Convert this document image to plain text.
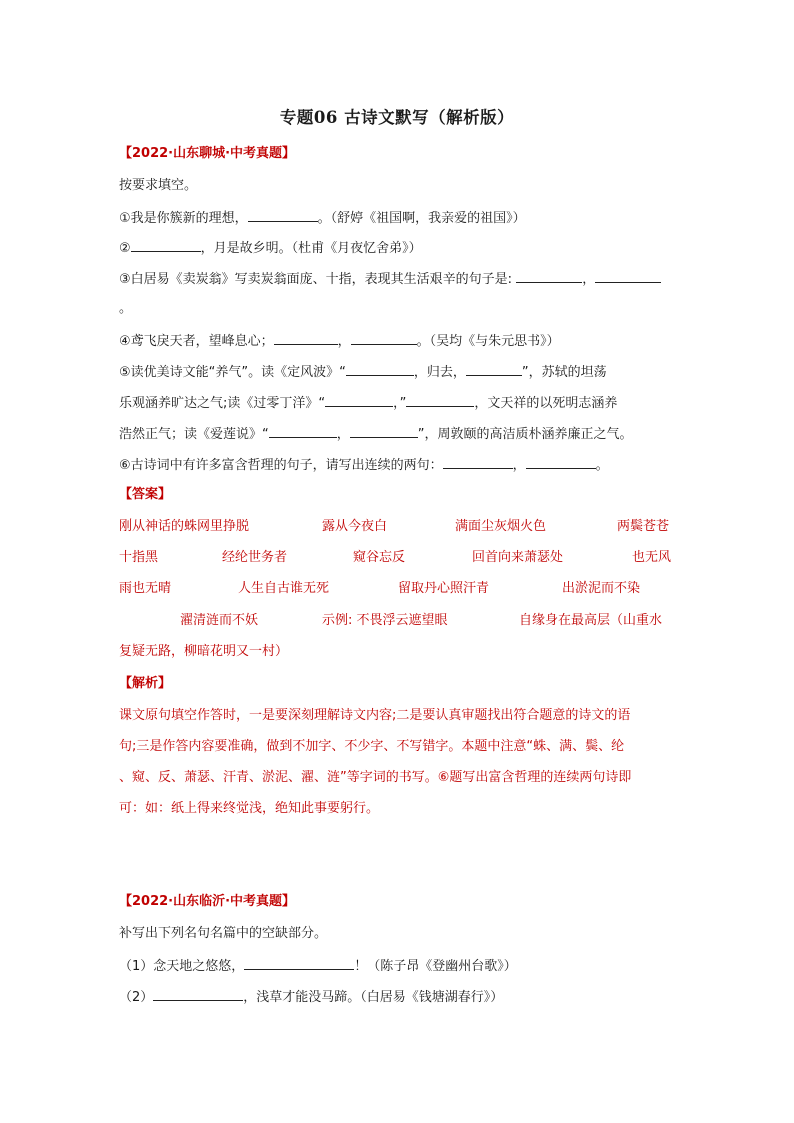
专题06 古诗文默写（解析版）
【2022·山东聊城·中考真题】
按要求填空。
①我是你簇新的理想，	。（舒婷《祖国啊，我亲爱的祖国》）
②	，月是故乡明。（杜甫《月夜忆舍弟》）
③白居易《卖炭翁》写卖炭翁面庞、十指，表现其生活艰辛的句子是:	，
。
④鸢飞戾天者，望峰息心；	，	。（吴均《与朱元思书》）
⑤读优美诗文能“养气”。读《定风波》“	，归去，	”，苏轼的坦荡
乐观涵养旷达之气;读《过零丁洋》“	，”	，文天祥的以死明志涵养
浩然正气；读《爱莲说》“	，	”，周敦颐的高洁质朴涵养廉正之气。
⑥古诗词中有许多富含哲理的句子，请写出连续的两句：	，	。
【答案】
刚从神话的蛛网里挣脱	露从今夜白	满面尘灰烟火色	两鬓苍苍
十指黑	经纶世务者	窥谷忘反	回首向来萧瑟处	也无风
雨也无晴	人生自古谁无死	留取丹心照汗青	出淤泥而不染
濯清涟而不妖	示例: 不畏浮云遮望眼	自缘身在最高层（山重水
复疑无路，柳暗花明又一村）
【解析】
课文原句填空作答时，一是要深刻理解诗文内容;二是要认真审题找出符合题意的诗文的语
句;三是作答内容要准确，做到不加字、不少字、不写错字。本题中注意“蛛、满、鬓、纶
、窥、反、萧瑟、汗青、淤泥、濯、涟”等字词的书写。⑥题写出富含哲理的连续两句诗即
可：如：纸上得来终觉浅，绝知此事要躬行。
【2022·山东临沂·中考真题】
补写出下列名句名篇中的空缺部分。
（1）念天地之悠悠，	！（陈子昂《登幽州台歌》）
（2）	，浅草才能没马蹄。（白居易《钱塘湖春行》）
